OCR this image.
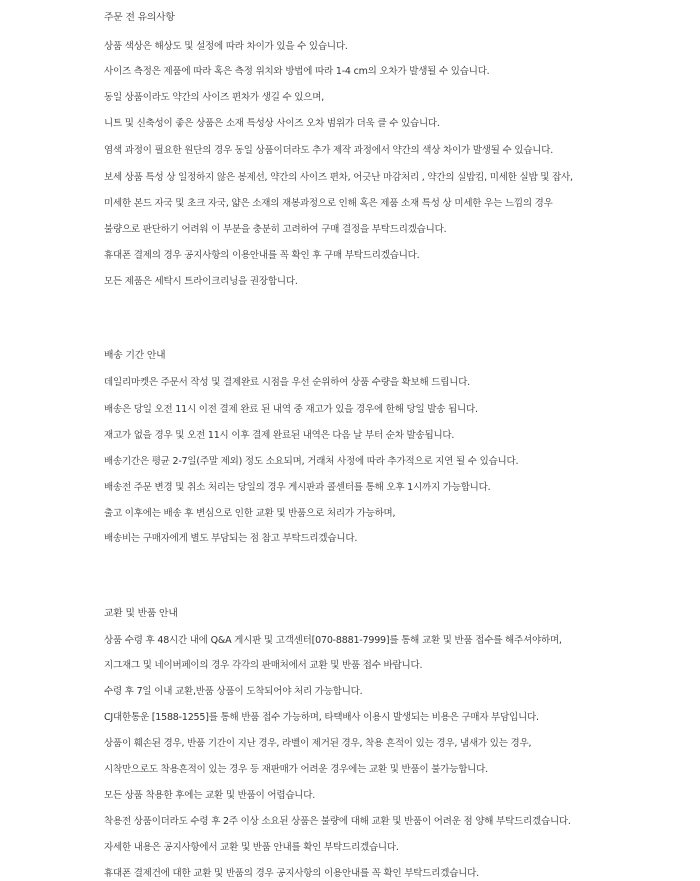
주문 전 유의사항
상품 색상은 해상도 및 설정에 따라 차이가 있을 수 있습니다.
사이즈 측정은 제품에 따라 혹은 측정 위치와 방법에 따라 1-4 cm의 오차가 발생될 수 있습니다.
동일 상품이라도 약간의 사이즈 편차가 생길 수 있으며,
니트 및 신축성이 좋은 상품은 소재 특성상 사이즈 오차 범위가 더욱 클 수 있습니다.
염색 과정이 필요한 원단의 경우 동일 상품이더라도 추가 제작 과정에서 약간의 색상 차이가 발생될 수 있습니다.
보세 상품 특성 상 일정하지 않은 봉제선, 약간의 사이즈 편차, 어긋난 마감처리 , 약간의 실밥킴, 미세한 실밥 및 잡사,
미세한 본드 자국 및 초크 자국, 얇은 소재의 재봉과정으로 인해 혹은 제품 소재 특성 상 미세한 우는 느낌의 경우
불량으로 판단하기 어려워 이 부분을 충분히 고려하여 구매 결정을 부탁드리겠습니다.
휴대폰 결제의 경우 공지사항의 이용안내를 꼭 확인 후 구매 부탁드리겠습니다.
모든 제품은 세탁시 트라이크리닝을 권장합니다.
배송 기간 안내
데일리마켓은 주문서 작성 및 결제완료 시점을 우선 순위하여 상품 수량을 확보해 드립니다.
배송은 당일 오전 11시 이전 결제 완료 된 내역 중 재고가 있을 경우에 한해 당일 발송 됩니다.
재고가 없을 경우 및 오전 11시 이후 결제 완료된 내역은 다음 날 부터 순차 발송됩니다.
배송기간은 평균 2-7일(주말 제외) 정도 소요되며, 거래처 사정에 따라 추가적으로 지연 될 수 있습니다.
배송전 주문 변경 및 취소 처리는 당일의 경우 게시판과 콜센터를 통해 오후 1시까지 가능합니다.
출고 이후에는 배송 후 변심으로 인한 교환 및 반품으로 처리가 가능하며,
배송비는 구매자에게 별도 부담되는 점 참고 부탁드리겠습니다.
교환 및 반품 안내
상품 수령 후 48시간 내에 Q&A 게시판 및 고객센터[070-8881-7999]를 통해 교환 및 반품 접수를 해주셔야하며,
지그재그 및 네이버페이의 경우 각각의 판매처에서 교환 및 반품 접수 바랍니다.
수령 후 7일 이내 교환,반품 상품이 도착되어야 처리 가능합니다.
CJ대한통운 [1588-1255]를 통해 반품 접수 가능하며, 타택배사 이용시 발생되는 비용은 구매자 부담입니다.
상품이 훼손된 경우, 반품 기간이 지난 경우, 라벨이 제거된 경우, 착용 흔적이 있는 경우, 냄새가 있는 경우,
시착만으로도 착용흔적이 있는 경우 등 재판매가 어려운 경우에는 교환 및 반품이 불가능합니다.
모든 상품 착용한 후에는 교환 및 반품이 어렵습니다.
착용전 상품이더라도 수령 후 2주 이상 소요된 상품은 불량에 대해 교환 및 반품이 어려운 점 양해 부탁드리겠습니다.
자세한 내용은 공지사항에서 교환 및 반품 안내를 확인 부탁드리겠습니다.
휴대폰 결제건에 대한 교환 및 반품의 경우 공지사항의 이용안내를 꼭 확인 부탁드리겠습니다.
